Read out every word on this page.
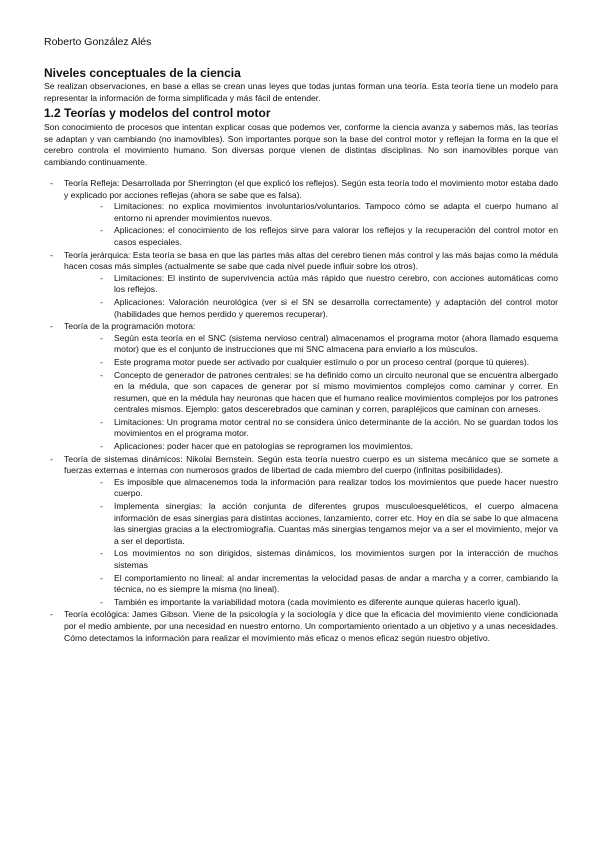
Roberto González Alés
Niveles conceptuales de la ciencia
Se realizan observaciones, en base a ellas se crean unas leyes que todas juntas forman una teoría. Esta teoría tiene un modelo para representar la información de forma simplificada y más fácil de entender.
1.2 Teorías y modelos del control motor
Son conocimiento de procesos que intentan explicar cosas que podemos ver, conforme la ciencia avanza y sabemos más, las teorías se adaptan y van cambiando (no inamovibles). Son importantes porque son la base del control motor y reflejan la forma en la que el cerebro controla el movimiento humano. Son diversas porque vienen de distintas disciplinas. No son inamovibles porque van cambiando continuamente.
- Teoría Refleja: Desarrollada por Sherrington (el que explicó los reflejos). Según esta teoría todo el movimiento motor estaba dado y explicado por acciones reflejas (ahora se sabe que es falsa).
- Limitaciones: no explica movimientos involuntarios/voluntarios. Tampoco cómo se adapta el cuerpo humano al entorno ni aprender movimientos nuevos.
- Aplicaciones: el conocimiento de los reflejos sirve para valorar los reflejos y la recuperación del control motor en casos especiales.
- Teoría jerárquica: Esta teoría se basa en que las partes más altas del cerebro tienen más control y las más bajas como la médula hacen cosas más simples (actualmente se sabe que cada nivel puede influir sobre los otros).
- Limitaciones: El instinto de supervivencia actúa más rápido que nuestro cerebro, con acciones automáticas como los reflejos.
- Aplicaciones: Valoración neurológica (ver si el SN se desarrolla correctamente) y adaptación del control motor (habilidades que hemos perdido y queremos recuperar).
- Teoría de la programación motora:
- Según esta teoría en el SNC (sistema nervioso central) almacenamos el programa motor (ahora llamado esquema motor) que es el conjunto de instrucciones que mi SNC almacena para enviarlo a los músculos.
- Este programa motor puede ser activado por cualquier estímulo o por un proceso central (porque tú quieres).
- Concepto de generador de patrones centrales: se ha definido como un circuito neuronal que se encuentra albergado en la médula, que son capaces de generar por sí mismo movimientos complejos como caminar y correr. En resumen, que en la médula hay neuronas que hacen que el humano realice movimientos complejos por los patrones centrales mismos. Ejemplo: gatos descerebrados que caminan y corren, parapléjicos que caminan con arneses.
- Limitaciones: Un programa motor central no se considera único determinante de la acción. No se guardan todos los movimientos en el programa motor.
- Aplicaciones: poder hacer que en patologías se reprogramen los movimientos.
- Teoría de sistemas dinámicos: Nikolai Bernstein. Según esta teoría nuestro cuerpo es un sistema mecánico que se somete a fuerzas externas e internas con numerosos grados de libertad de cada miembro del cuerpo (infinitas posibilidades).
- Es imposible que almacenemos toda la información para realizar todos los movimientos que puede hacer nuestro cuerpo.
- Implementa sinergias: la acción conjunta de diferentes grupos musculoesqueléticos, el cuerpo almacena información de esas sinergias para distintas acciones, lanzamiento, correr etc. Hoy en día se sabe lo que almacena las sinergias gracias a la electromiografía. Cuantas más sinergias tengamos mejor va a ser el movimiento, mejor va a ser el deportista.
- Los movimientos no son dirigidos, sistemas dinámicos, los movimientos surgen por la interacción de muchos sistemas
- El comportamiento no lineal: al andar incrementas la velocidad pasas de andar a marcha y a correr, cambiando la técnica, no es siempre la misma (no lineal).
- También es importante la variabilidad motora (cada movimiento es diferente aunque quieras hacerlo igual).
- Teoría ecológica: James Gibson. Viene de la psicología y la sociología y dice que la eficacia del movimiento viene condicionada por el medio ambiente, por una necesidad en nuestro entorno. Un comportamiento orientado a un objetivo y a unas necesidades. Cómo detectamos la información para realizar el movimiento más eficaz o menos eficaz según nuestro objetivo.
